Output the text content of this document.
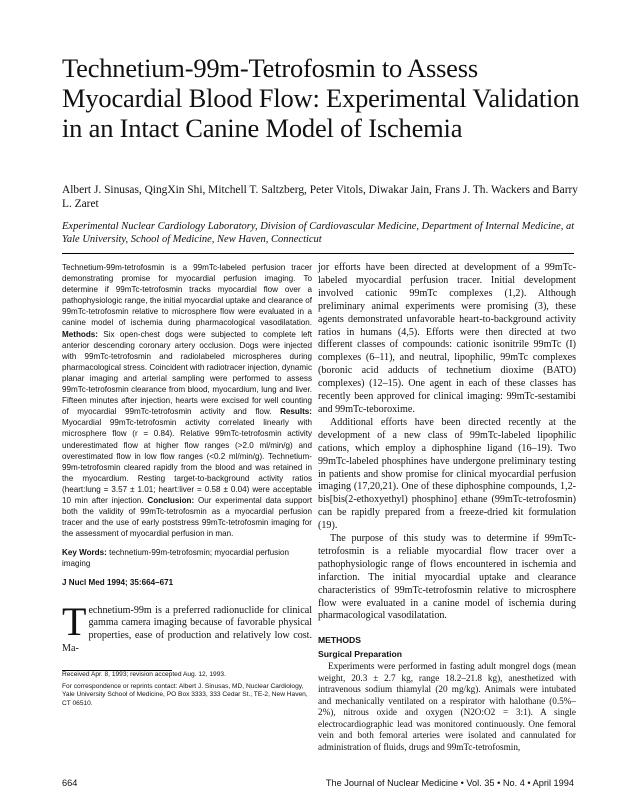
Technetium-99m-Tetrofosmin to Assess Myocardial Blood Flow: Experimental Validation in an Intact Canine Model of Ischemia
Albert J. Sinusas, QingXin Shi, Mitchell T. Saltzberg, Peter Vitols, Diwakar Jain, Frans J. Th. Wackers and Barry L. Zaret
Experimental Nuclear Cardiology Laboratory, Division of Cardiovascular Medicine, Department of Internal Medicine, at Yale University, School of Medicine, New Haven, Connecticut

Technetium-99m-tetrofosmin is a 99mTc-labeled perfusion tracer demonstrating promise for myocardial perfusion imaging. To determine if 99mTc-tetrofosmin tracks myocardial flow over a pathophysiologic range, the initial myocardial uptake and clearance of 99mTc-tetrofosmin relative to microsphere flow were evaluated in a canine model of ischemia during pharmacological vasodilatation. Methods: Six open-chest dogs were subjected to complete left anterior descending coronary artery occlusion. Dogs were injected with 99mTc-tetrofosmin and radiolabeled microspheres during pharmacological stress. Coincident with radiotracer injection, dynamic planar imaging and arterial sampling were performed to assess 99mTc-tetrofosmin clearance from blood, myocardium, lung and liver. Fifteen minutes after injection, hearts were excised for well counting of myocardial 99mTc-tetrofosmin activity and flow. Results: Myocardial 99mTc-tetrofosmin activity correlated linearly with microsphere flow (r = 0.84). Relative 99mTc-tetrofosmin activity underestimated flow at higher flow ranges (>2.0 ml/min/g) and overestimated flow in low flow ranges (<0.2 ml/min/g). Technetium-99m-tetrofosmin cleared rapidly from the blood and was retained in the myocardium. Resting target-to-background activity ratios (heart:lung = 3.57 ± 1.01; heart:liver = 0.58 ± 0.04) were acceptable 10 min after injection. Conclusion: Our experimental data support both the validity of 99mTc-tetrofosmin as a myocardial perfusion tracer and the use of early poststress 99mTc-tetrofosmin imaging for the assessment of myocardial perfusion in man.

Key Words: technetium-99m-tetrofosmin; myocardial perfusion imaging
J Nucl Med 1994; 35:664–671

Technetium-99m is a preferred radionuclide for clinical gamma camera imaging because of favorable physical properties, ease of production and relatively low cost. Ma-

Received Apr. 8, 1993; revision accepted Aug. 12, 1993.

For correspondence or reprints contact: Albert J. Sinusas, MD, Nuclear Cardiology, Yale University School of Medicine, PO Box 3333, 333 Cedar St., TE-2, New Haven, CT 06510.

jor efforts have been directed at development of a 99mTc-labeled myocardial perfusion tracer. Initial development involved cationic 99mTc complexes (1,2). Although preliminary animal experiments were promising (3), these agents demonstrated unfavorable heart-to-background activity ratios in humans (4,5). Efforts were then directed at two different classes of compounds: cationic isonitrile 99mTc (I) complexes (6–11), and neutral, lipophilic, 99mTc complexes (boronic acid adducts of technetium dioxime (BATO) complexes) (12–15). One agent in each of these classes has recently been approved for clinical imaging: 99mTc-sestamibi and 99mTc-teboroxime.

Additional efforts have been directed recently at the development of a new class of 99mTc-labeled lipophilic cations, which employ a diphosphine ligand (16–19). Two 99mTc-labeled phosphines have undergone preliminary testing in patients and show promise for clinical myocardial perfusion imaging (17,20,21). One of these diphosphine compounds, 1,2-bis[bis(2-ethoxyethyl) phosphino] ethane (99mTc-tetrofosmin) can be rapidly prepared from a freeze-dried kit formulation (19).

The purpose of this study was to determine if 99mTc-tetrofosmin is a reliable myocardial flow tracer over a pathophysiologic range of flows encountered in ischemia and infarction. The initial myocardial uptake and clearance characteristics of 99mTc-tetrofosmin relative to microsphere flow were evaluated in a canine model of ischemia during pharmacological vasodilatation.

METHODS
Surgical Preparation

Experiments were performed in fasting adult mongrel dogs (mean weight, 20.3 ± 2.7 kg, range 18.2–21.8 kg), anesthetized with intravenous sodium thiamylal (20 mg/kg). Animals were intubated and mechanically ventilated on a respirator with halothane (0.5%–2%), nitrous oxide and oxygen (N2O:O2 = 3:1). A single electrocardiographic lead was monitored continuously. One femoral vein and both femoral arteries were isolated and cannulated for administration of fluids, drugs and 99mTc-tetrofosmin,

664	The Journal of Nuclear Medicine • Vol. 35 • No. 4 • April 1994
